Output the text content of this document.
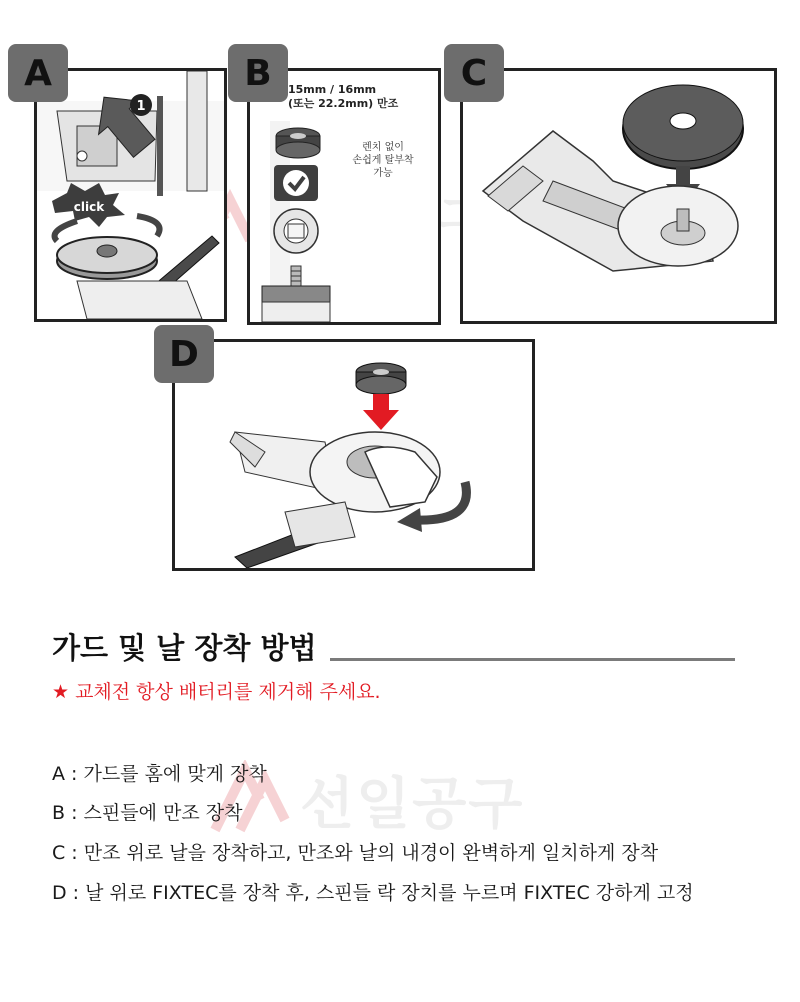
선일공구
1
click
A	15mm / 16mm
(또는 22.2mm) 만조
렌치 없이
손쉽게 탈부착
가능
B	C
D
가드 및 날 장착 방법
★ 교체전 항상 배터리를 제거해 주세요.
A : 가드를 홈에 맞게 장착
B : 스핀들에 만조 장착
C : 만조 위로 날을 장착하고, 만조와 날의 내경이 완벽하게 일치하게 장착
D : 날 위로 FIXTEC를 장착 후, 스핀들 락 장치를 누르며 FIXTEC 강하게 고정
